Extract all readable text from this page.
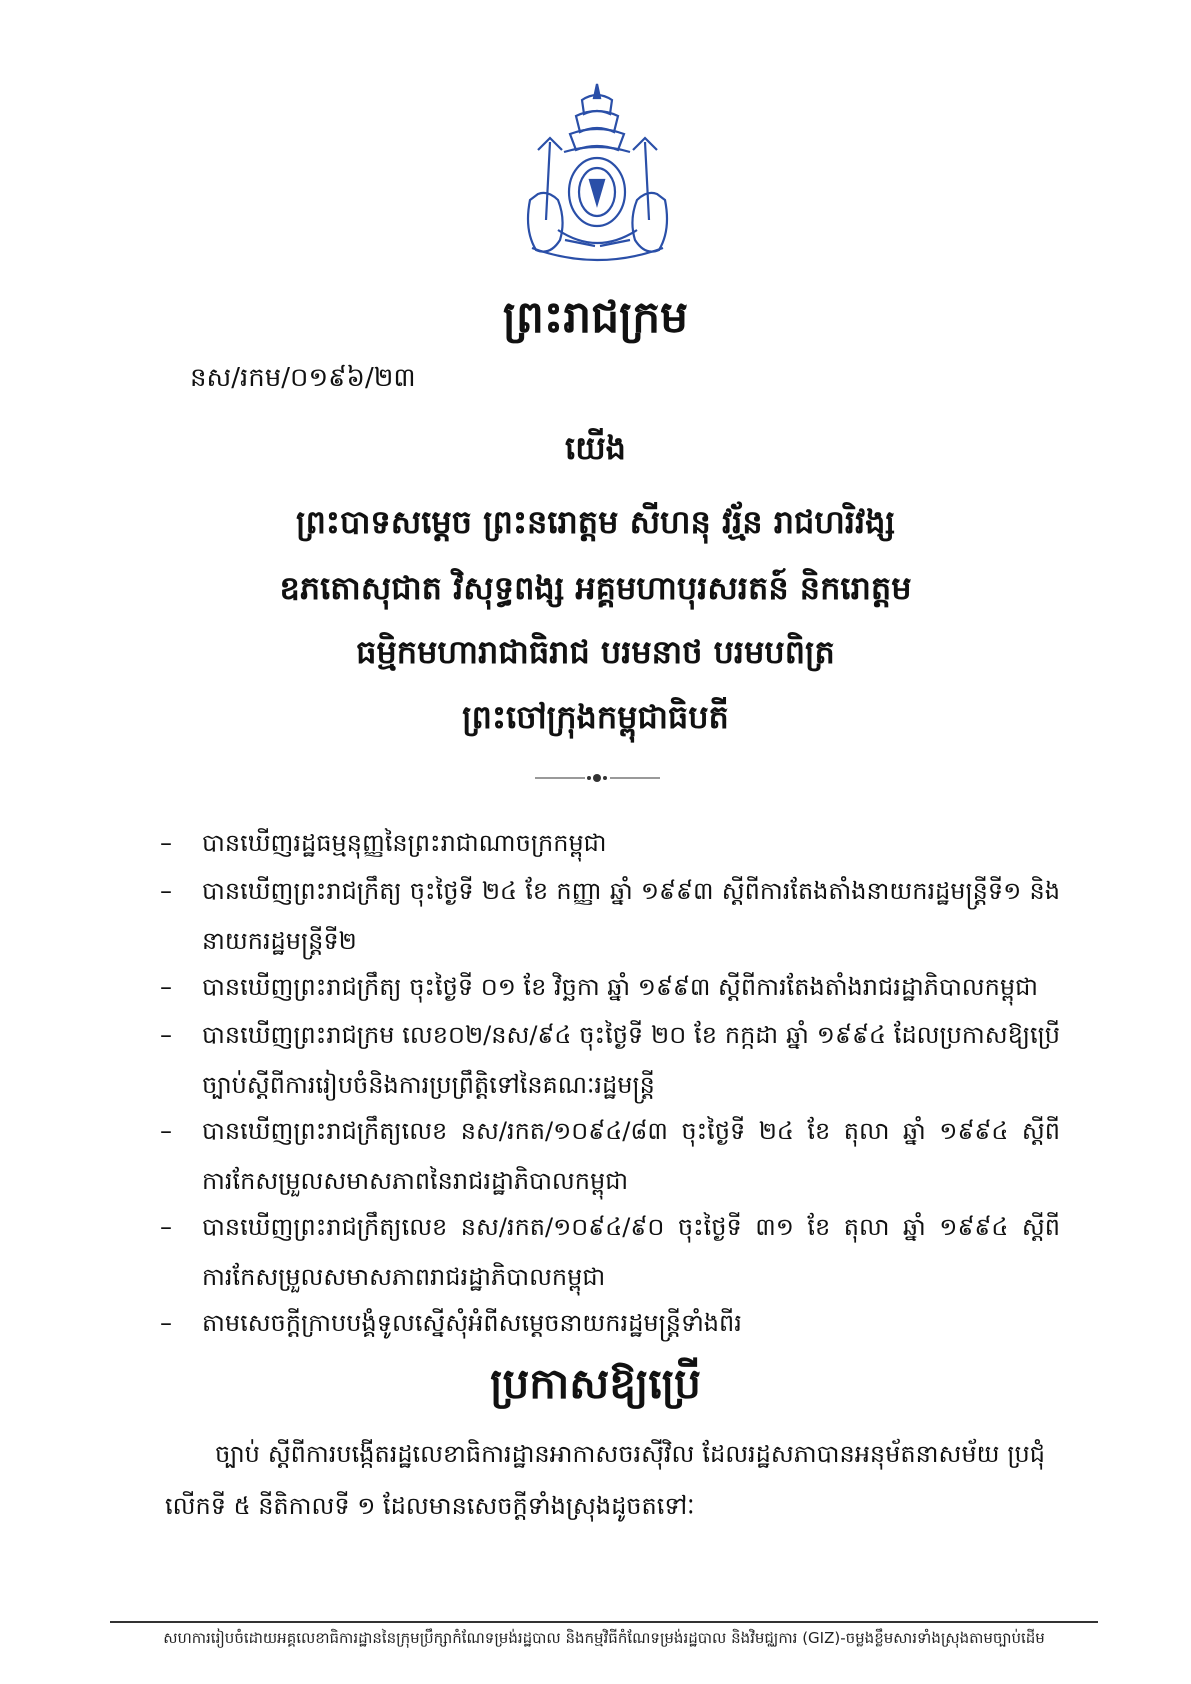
ព្រះរាជក្រម
នស/រកម/០១៩៦/២៣
យើង
ព្រះបាទសម្ដេច ព្រះនរោត្តម សីហនុ វរ្ម័ន រាជហរិវង្ស
ឧភតោសុជាត វិសុទ្ធពង្ស អគ្គមហាបុរសរតន៍ និករោត្តម
ធម្មិកមហារាជាធិរាជ បរមនាថ បរមបពិត្រ
ព្រះចៅក្រុងកម្ពុជាធិបតី
– បានឃើញរដ្ឋធម្មនុញ្ញនៃព្រះរាជាណាចក្រកម្ពុជា
– បានឃើញព្រះរាជក្រឹត្យ ចុះថ្ងៃទី ២៤ ខែ កញ្ញា ឆ្នាំ ១៩៩៣ ស្ដីពីការតែងតាំងនាយករដ្ឋមន្ត្រីទី១ និងនាយករដ្ឋមន្ត្រីទី២
– បានឃើញព្រះរាជក្រឹត្យ ចុះថ្ងៃទី ០១ ខែ វិច្ឆកា ឆ្នាំ ១៩៩៣ ស្ដីពីការតែងតាំងរាជរដ្ឋាភិបាលកម្ពុជា
– បានឃើញព្រះរាជក្រម លេខ០២/នស/៩៤ ចុះថ្ងៃទី ២០ ខែ កក្កដា ឆ្នាំ ១៩៩៤ ដែលប្រកាសឱ្យប្រើច្បាប់ស្ដីពីការរៀបចំនិងការប្រព្រឹត្តិទៅនៃគណៈរដ្ឋមន្ត្រី
– បានឃើញព្រះរាជក្រឹត្យលេខ នស/រកត/១០៩៤/៨៣ ចុះថ្ងៃទី ២៤ ខែ តុលា ឆ្នាំ ១៩៩៤ ស្ដីពីការកែសម្រួលសមាសភាពនៃរាជរដ្ឋាភិបាលកម្ពុជា
– បានឃើញព្រះរាជក្រឹត្យលេខ នស/រកត/១០៩៤/៩០ ចុះថ្ងៃទី ៣១ ខែ តុលា ឆ្នាំ ១៩៩៤ ស្ដីពីការកែសម្រួលសមាសភាពរាជរដ្ឋាភិបាលកម្ពុជា
– តាមសេចក្ដីក្រាបបង្គំទូលស្នើសុំអំពីសម្ដេចនាយករដ្ឋមន្ត្រីទាំងពីរ
ប្រកាសឱ្យប្រើ
ច្បាប់ ស្ដីពីការបង្កើតរដ្ឋលេខាធិការដ្ឋានអាកាសចរស៊ីវិល ដែលរដ្ឋសភាបានអនុម័តនាសម័យ ប្រជុំលើកទី ៥ នីតិកាលទី ១ ដែលមានសេចក្ដីទាំងស្រុងដូចតទៅៈ
សហការរៀបចំដោយអគ្គលេខាធិការដ្ឋាននៃក្រុមប្រឹក្សាកំណែទម្រង់រដ្ឋបាល និងកម្មវិធីកំណែទម្រង់រដ្ឋបាល និងវិមជ្ឈការ (GIZ)-ចម្លងខ្លឹមសារទាំងស្រុងតាមច្បាប់ដើម
